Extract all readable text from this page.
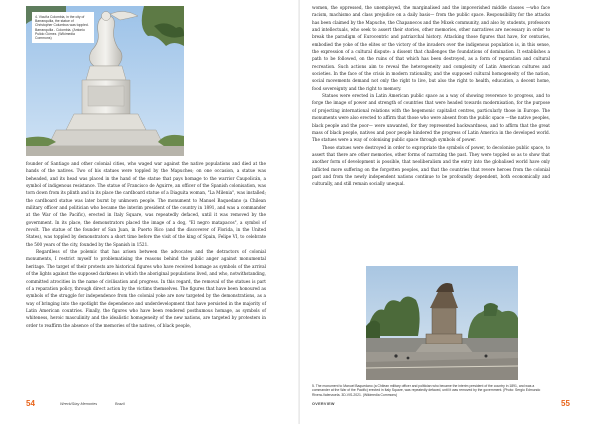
4. Vicuña Colombia, in the city of Barranquilla, the statue of Christopher Columbus was toppled. Barranquilla - Colombia. (Antonio Pulido Gómez. (Wikimedia Commons)

founder of Santiago and other colonial cities, who waged war against the native populations and died at the hands of the natives. Two of his statues were toppled by the Mapuches; on one occasion, a statue was beheaded, and its head was placed in the hand of the statue that pays homage to the warrior Caupolicán, a symbol of indigenous resistance. The statue of Francisco de Aguirre, an officer of the Spanish colonisation, was torn down from its plinth and in its place the cardboard statue of a Diaguita woman, "La Milenia", was installed; the cardboard statue was later burnt by unknown people. The monument to Manuel Baquedano (a Chilean military officer and politician who became the interim president of the country in 1891, and was a commander at the War of the Pacific), erected in Italy Square, was repeatedly defaced, until it was removed by the government. In its place, the demonstrators placed the image of a dog, "El negro matapacos", a symbol of revolt. The statue of the founder of San Juan, in Puerto Rico (and the discoverer of Florida, in the United States), was toppled by demonstrators a short time before the visit of the king of Spain, Felipe VI, to celebrate the 500 years of the city, founded by the Spanish in 1521.

Regardless of the polemic that has arisen between the advocates and the detractors of colonial monuments, I restrict myself to problematising the reasons behind the public anger against monumental heritage. The target of their protests are historical figures who have received homage as symbols of the arrival of the lights against the supposed darkness in which the aboriginal populations lived, and who, notwithstanding, committed atrocities in the name of civilisation and progress. In this regard, the removal of the statues is part of a reparation policy, through direct action by the victims themselves. The figures that have been honoured as symbols of the struggle for independence from the colonial yoke are now targeted by the demonstrations, as a way of bringing into the spotlight the dependence and underdevelopment that have persisted in the majority of Latin American countries. Finally, the figures who have been rendered posthumous homage, as symbols of whiteness, heroic masculinity and the idealistic homogeneity of the new nations, are targeted by protesters in order to reaffirm the absence of the memories of the natives, of black people,

54	Wreck/Stay Memories	Brazil

women, the oppressed, the unemployed, the marginalised and the impoverished middle classes —who face racism, machismo and class prejudice on a daily basis— from the public space. Responsibility for the attacks has been claimed by the Mapuche, the Chapanecos and the Mixek community, and also by students, professors and intellectuals, who seek to assert their stories, other memories, other narratives are necessary in order to break the paradigm of Eurocentric and patriarchal history. Attacking those figures that have, for centuries, embodied the yoke of the elites or the victory of the invaders over the indigenous population is, in this sense, the expression of a cultural dispute: a dissent that challenges the foundations of domination. It establishes a path to be followed, on the ruins of that which has been destroyed, as a form of reparation and cultural recreation. Such actions aim to reveal the heterogeneity and complexity of Latin American cultures and societies. In the face of the crisis in modern rationality, and the supposed cultural homogeneity of the nation, social movements demand not only the right to live, but also the right to health, education, a decent home, food sovereignty and the right to memory.

Statues were erected in Latin American public space as a way of showing reverence to progress, and to forge the image of power and strength of countries that were headed towards modernisation, for the purpose of projecting international relations with the hegemonic capitalist centres, particularly those in Europe. The monuments were also erected to affirm that those who were absent from the public space —the native peoples, black people and the poor— were unwanted, for they represented backwardness, and to affirm that the great mass of black people, natives and poor people hindered the progress of Latin America in the developed world. The statues were a way of colonising public space through symbols of power.

These statues were destroyed in order to expropriate the symbols of power, to decolonise public space, to assert that there are other memories, other forms of narrating the past. They were toppled so as to show that another form of development is possible, that neoliberalism and the entry into the globalised world have only inflicted more suffering on the forgotten peoples, and that the countries that revere heroes from the colonial past and from the newly independent nations continue to be profoundly dependent, both economically and culturally, and still remain socially unequal.

5. The monument to Manuel Baquedano (a Chilean military officer and politician who became the interim president of the country in 1891, and was a commander at the War of the Pacific) erected in Italy Square, was repeatedly defaced, until it was removed by the government. (Photo: Sergio Edmundo Rivera-Valenzuela. 3D-VIS-2021. (Wikimedia Commons)
OVERVIEW	55
